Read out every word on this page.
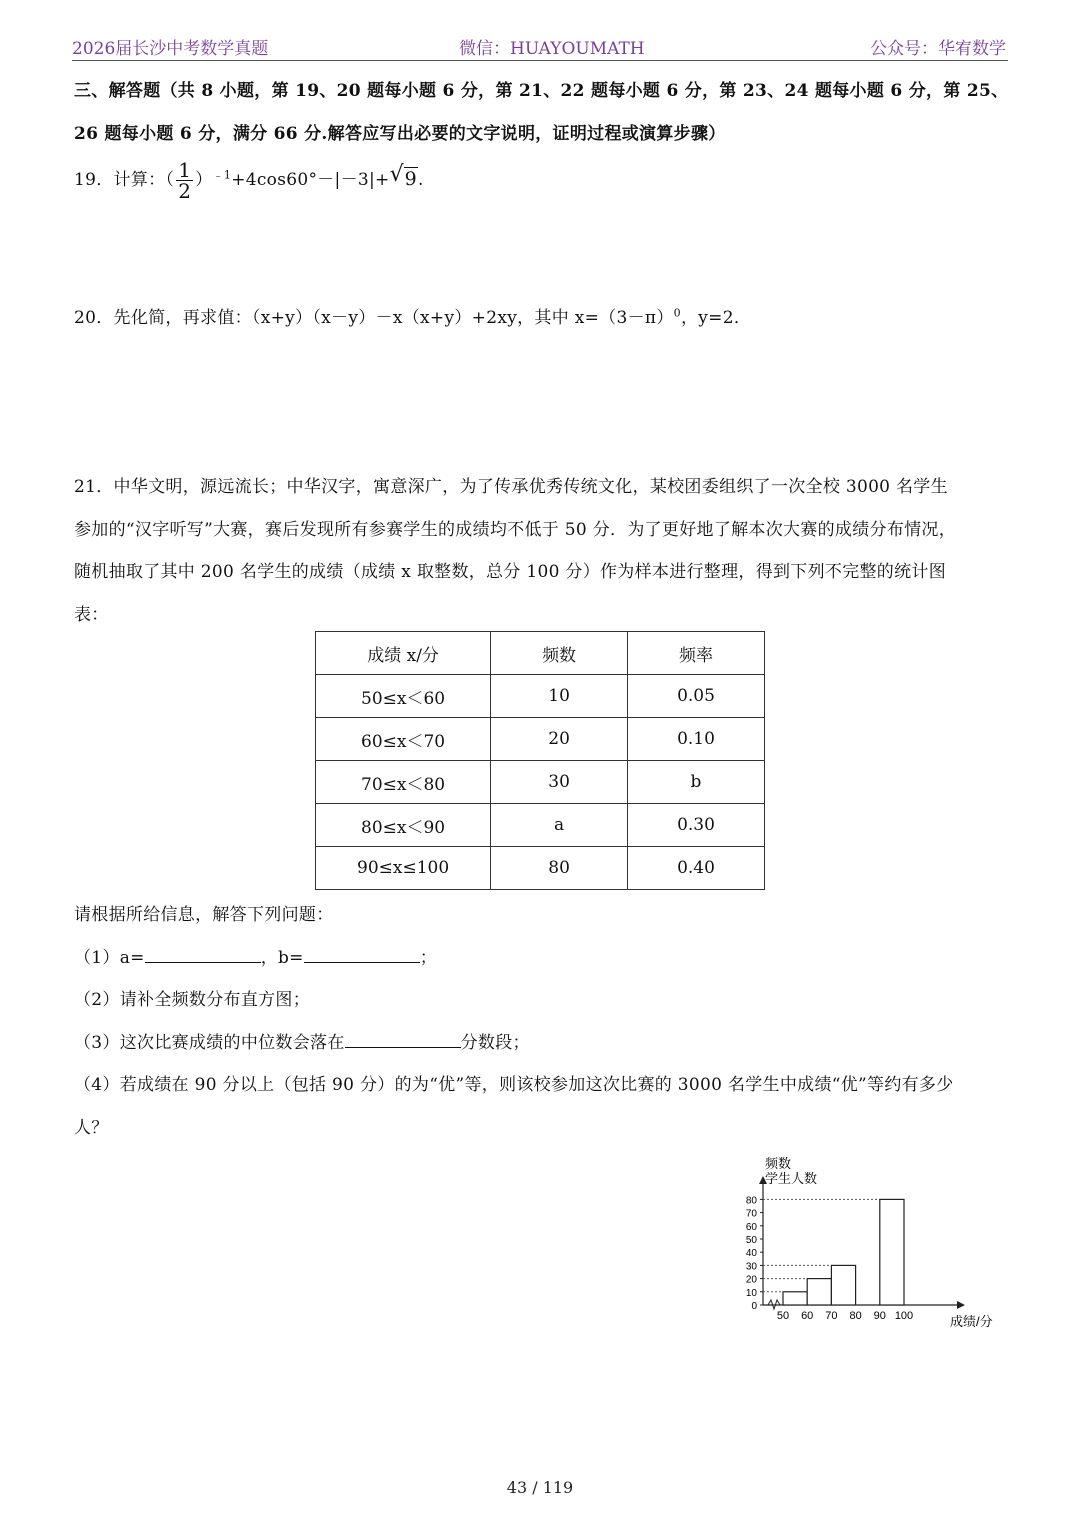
2026届长沙中考数学真题	微信：HUAYOUMATH	公众号：华宥数学
三、解答题（共 8 小题，第 19、20 题每小题 6 分，第 21、22 题每小题 6 分，第 23、24 题每小题 6 分，第 25、
26 题每小题 6 分，满分 66 分.解答应写出必要的文字说明，证明过程或演算步骤）
19．计算：（ $\frac{1}{2} )^{﹣1}+4\cos 60^\circ-|-3|+$ √ 9.
20．先化简，再求值：（x+y）（x－y）－x（x+y）+2xy，其中 $x=(3-\pi)^0$，y=2．
21．中华文明，源远流长；中华汉字，寓意深广，为了传承优秀传统文化，某校团委组织了一次全校 3000 名学生
参加的“汉字听写”大赛，赛后发现所有参赛学生的成绩均不低于 50 分．为了更好地了解本次大赛的成绩分布情况，
随机抽取了其中 200 名学生的成绩（成绩 x 取整数，总分 100 分）作为样本进行整理，得到下列不完整的统计图
表：
成绩 x/分	频数	频率
50≤x＜60	10	0.05
60≤x＜70	20	0.10
70≤x＜80	30	b
80≤x＜90	a	0.30
90≤x≤100	80	0.40
请根据所给信息，解答下列问题：
（1）a=	，b=	；
（2）请补全频数分布直方图；
（3）这次比赛成绩的中位数会落在	分数段；
（4）若成绩在 90 分以上（包括 90 分）的为“优”等，则该校参加这次比赛的 3000 名学生中成绩“优”等约有多少
人？
频数
学生人数
成绩/分
0
10
20
30
40
50
60
70
80
50 60 70 80 90 100
43 / 119
